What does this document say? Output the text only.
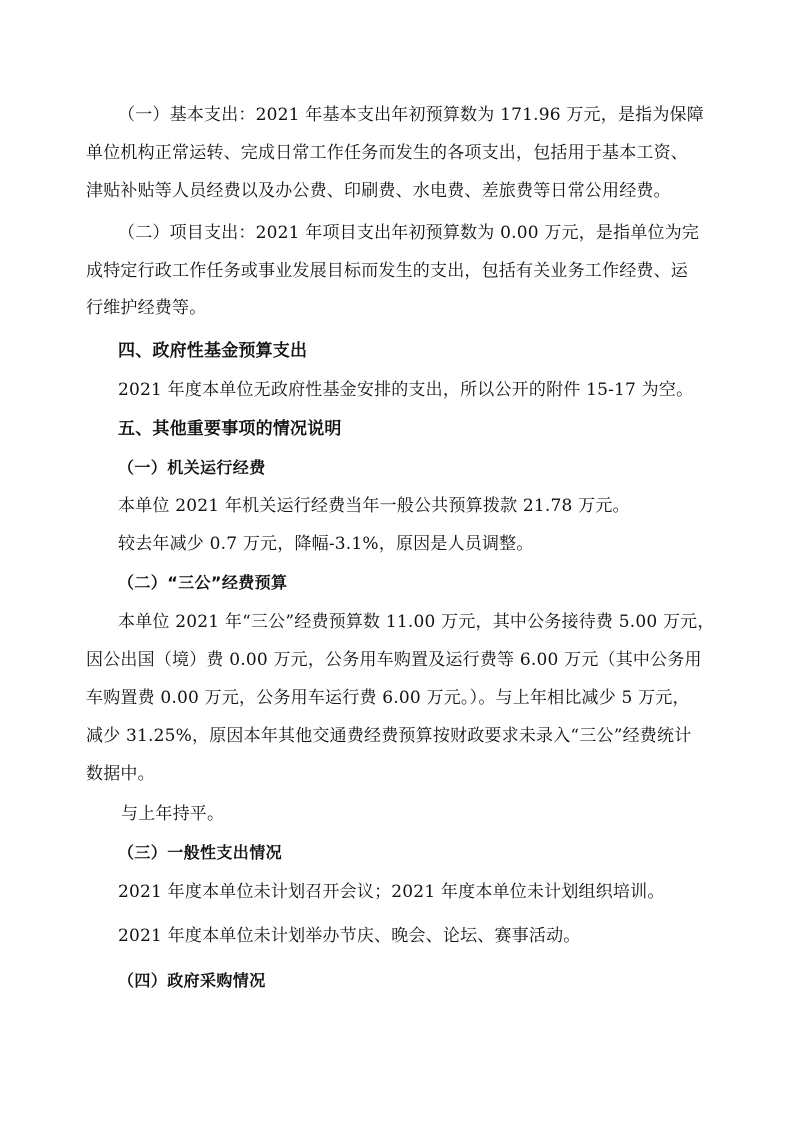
（一）基本支出：2021 年基本支出年初预算数为 171.96 万元，是指为保障
单位机构正常运转、完成日常工作任务而发生的各项支出，包括用于基本工资、
津贴补贴等人员经费以及办公费、印刷费、水电费、差旅费等日常公用经费。
（二）项目支出：2021 年项目支出年初预算数为 0.00 万元，是指单位为完
成特定行政工作任务或事业发展目标而发生的支出，包括有关业务工作经费、运
行维护经费等。
四、政府性基金预算支出
2021 年度本单位无政府性基金安排的支出，所以公开的附件 15-17 为空。
五、其他重要事项的情况说明
（一）机关运行经费
本单位 2021 年机关运行经费当年一般公共预算拨款 21.78 万元。
较去年减少 0.7 万元，降幅-3.1%，原因是人员调整。
（二）“三公”经费预算
本单位 2021 年“三公”经费预算数 11.00 万元，其中公务接待费 5.00 万元，
因公出国（境）费 0.00 万元，公务用车购置及运行费等 6.00 万元（其中公务用
车购置费 0.00 万元，公务用车运行费 6.00 万元。）。与上年相比减少 5 万元，
减少 31.25%，原因本年其他交通费经费预算按财政要求未录入“三公”经费统计
数据中。
与上年持平。
（三）一般性支出情况
2021 年度本单位未计划召开会议；2021 年度本单位未计划组织培训。
2021 年度本单位未计划举办节庆、晚会、论坛、赛事活动。
（四）政府采购情况
